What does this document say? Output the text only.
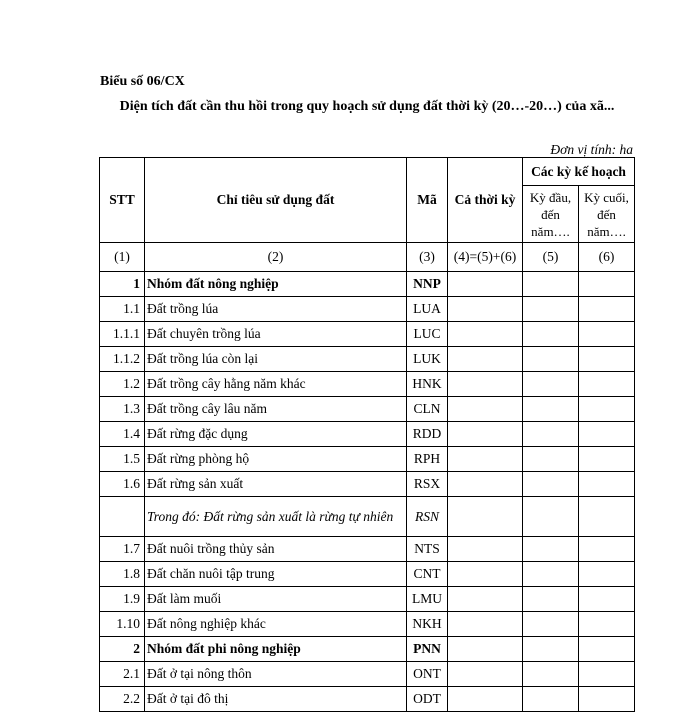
Biểu số 06/CX
Diện tích đất cần thu hồi trong quy hoạch sử dụng đất thời kỳ (20…-20…) của xã...
Đơn vị tính: ha
STT	Chỉ tiêu sử dụng đất	Mã	Cả thời kỳ	Các kỳ kế hoạch	
				Kỳ đầu, đến năm….	Kỳ cuối, đến năm….
(1)	(2)	(3)	(4)=(5)+(6)	(5)	(6)
1	Nhóm đất nông nghiệp	NNP			
1.1	Đất trồng lúa	LUA			
1.1.1	Đất chuyên trồng lúa	LUC			
1.1.2	Đất trồng lúa còn lại	LUK			
1.2	Đất trồng cây hằng năm khác	HNK			
1.3	Đất trồng cây lâu năm	CLN			
1.4	Đất rừng đặc dụng	RDD			
1.5	Đất rừng phòng hộ	RPH			
1.6	Đất rừng sản xuất	RSX			
	Trong đó: Đất rừng sản xuất là rừng tự nhiên	RSN			
1.7	Đất nuôi trồng thủy sản	NTS			
1.8	Đất chăn nuôi tập trung	CNT			
1.9	Đất làm muối	LMU			
1.10	Đất nông nghiệp khác	NKH			
2	Nhóm đất phi nông nghiệp	PNN			
2.1	Đất ở tại nông thôn	ONT			
2.2	Đất ở tại đô thị	ODT			
